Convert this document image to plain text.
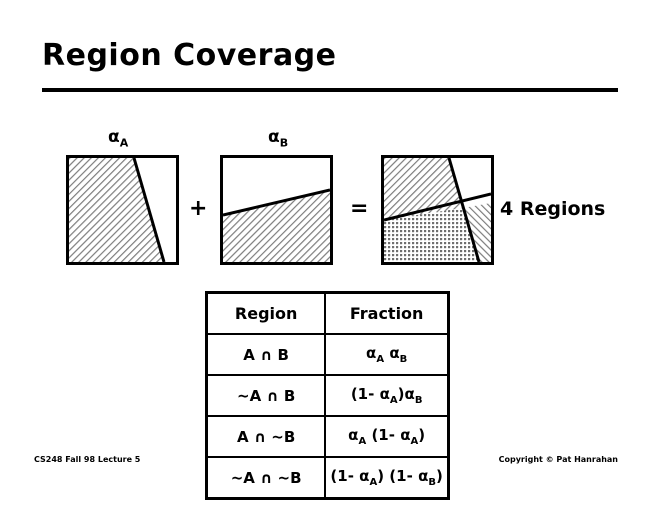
Region Coverage
$\alpha_A$	$\alpha_B$
+	=	4 Regions
Region	Fraction
A ∩ B	$\alpha_A$ $\alpha_B$
~A ∩ B	(1- $\alpha_A)\alpha_B$
A ∩ ~B	$\alpha_A$ (1- $\alpha_A$)
~A ∩ ~B	(1- $\alpha_A$) (1- $\alpha_B$)
CS248 Fall 98 Lecture 5	Copyright © Pat Hanrahan
